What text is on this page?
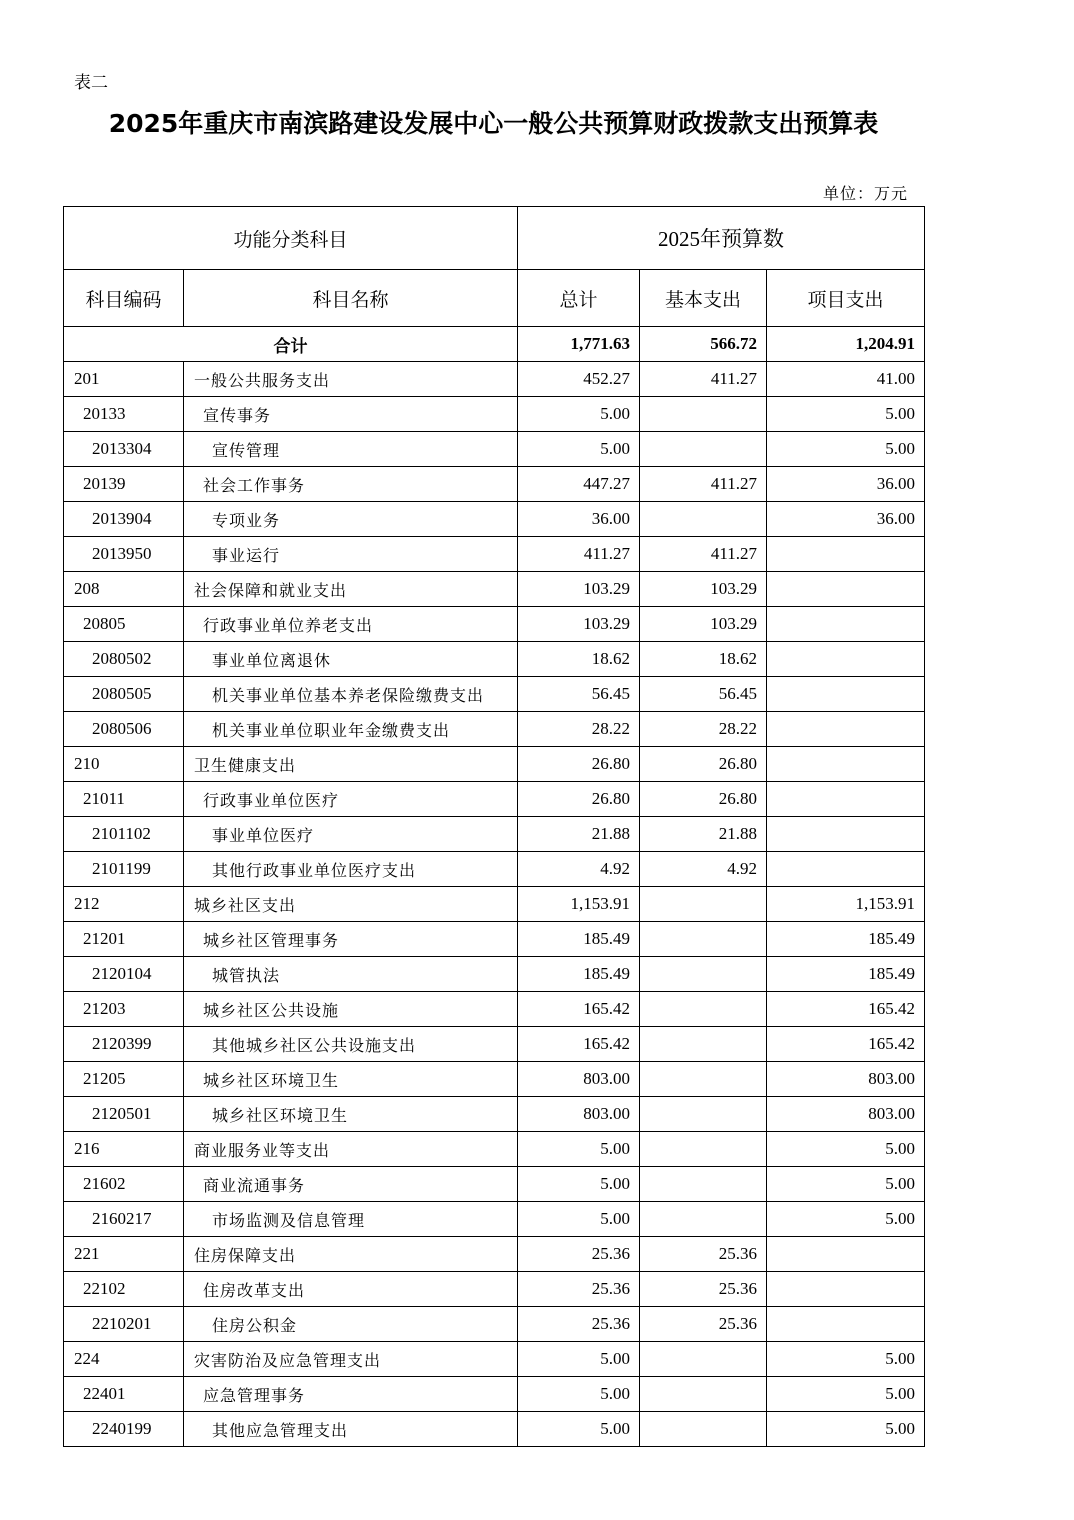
表二
2025年重庆市南滨路建设发展中心一般公共预算财政拨款支出预算表
单位：万元
功能分类科目		2025年预算数		
科目编码	科目名称	总计	基本支出	项目支出
合计		1,771.63	566.72	1,204.91
201	一般公共服务支出	452.27	411.27	41.00
20133	宣传事务	5.00		5.00
2013304	宣传管理	5.00		5.00
20139	社会工作事务	447.27	411.27	36.00
2013904	专项业务	36.00		36.00
2013950	事业运行	411.27	411.27	
208	社会保障和就业支出	103.29	103.29	
20805	行政事业单位养老支出	103.29	103.29	
2080502	事业单位离退休	18.62	18.62	
2080505	机关事业单位基本养老保险缴费支出	56.45	56.45	
2080506	机关事业单位职业年金缴费支出	28.22	28.22	
210	卫生健康支出	26.80	26.80	
21011	行政事业单位医疗	26.80	26.80	
2101102	事业单位医疗	21.88	21.88	
2101199	其他行政事业单位医疗支出	4.92	4.92	
212	城乡社区支出	1,153.91		1,153.91
21201	城乡社区管理事务	185.49		185.49
2120104	城管执法	185.49		185.49
21203	城乡社区公共设施	165.42		165.42
2120399	其他城乡社区公共设施支出	165.42		165.42
21205	城乡社区环境卫生	803.00		803.00
2120501	城乡社区环境卫生	803.00		803.00
216	商业服务业等支出	5.00		5.00
21602	商业流通事务	5.00		5.00
2160217	市场监测及信息管理	5.00		5.00
221	住房保障支出	25.36	25.36	
22102	住房改革支出	25.36	25.36	
2210201	住房公积金	25.36	25.36	
224	灾害防治及应急管理支出	5.00		5.00
22401	应急管理事务	5.00		5.00
2240199	其他应急管理支出	5.00		5.00
